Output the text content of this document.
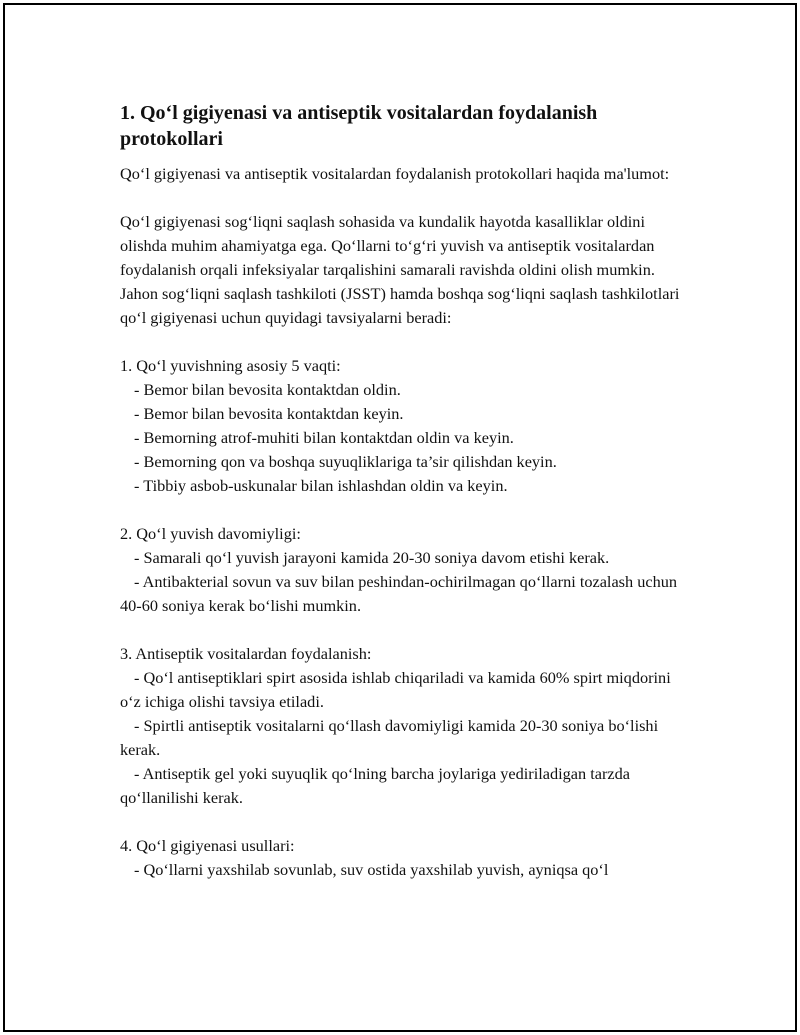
1. Qo‘l gigiyenasi va antiseptik vositalardan foydalanish protokollari

Qo‘l gigiyenasi va antiseptik vositalardan foydalanish protokollari haqida ma'lumot:

Qo‘l gigiyenasi sog‘liqni saqlash sohasida va kundalik hayotda kasalliklar oldini olishda muhim ahamiyatga ega. Qo‘llarni to‘g‘ri yuvish va antiseptik vositalardan foydalanish orqali infeksiyalar tarqalishini samarali ravishda oldini olish mumkin. Jahon sog‘liqni saqlash tashkiloti (JSST) hamda boshqa sog‘liqni saqlash tashkilotlari qo‘l gigiyenasi uchun quyidagi tavsiyalarni beradi:

1. Qo‘l yuvishning asosiy 5 vaqti:
- Bemor bilan bevosita kontaktdan oldin.
- Bemor bilan bevosita kontaktdan keyin.
- Bemorning atrof-muhiti bilan kontaktdan oldin va keyin.
- Bemorning qon va boshqa suyuqliklariga ta’sir qilishdan keyin.
- Tibbiy asbob-uskunalar bilan ishlashdan oldin va keyin.
2. Qo‘l yuvish davomiyligi:
- Samarali qo‘l yuvish jarayoni kamida 20-30 soniya davom etishi kerak.
- Antibakterial sovun va suv bilan peshindan-ochirilmagan qo‘llarni tozalash uchun 40-60 soniya kerak bo‘lishi mumkin.
3. Antiseptik vositalardan foydalanish:
- Qo‘l antiseptiklari spirt asosida ishlab chiqariladi va kamida 60% spirt miqdorini o‘z ichiga olishi tavsiya etiladi.
- Spirtli antiseptik vositalarni qo‘llash davomiyligi kamida 20-30 soniya bo‘lishi kerak.
- Antiseptik gel yoki suyuqlik qo‘lning barcha joylariga yediriladigan tarzda qo‘llanilishi kerak.
4. Qo‘l gigiyenasi usullari:
- Qo‘llarni yaxshilab sovunlab, suv ostida yaxshilab yuvish, ayniqsa qo‘l
